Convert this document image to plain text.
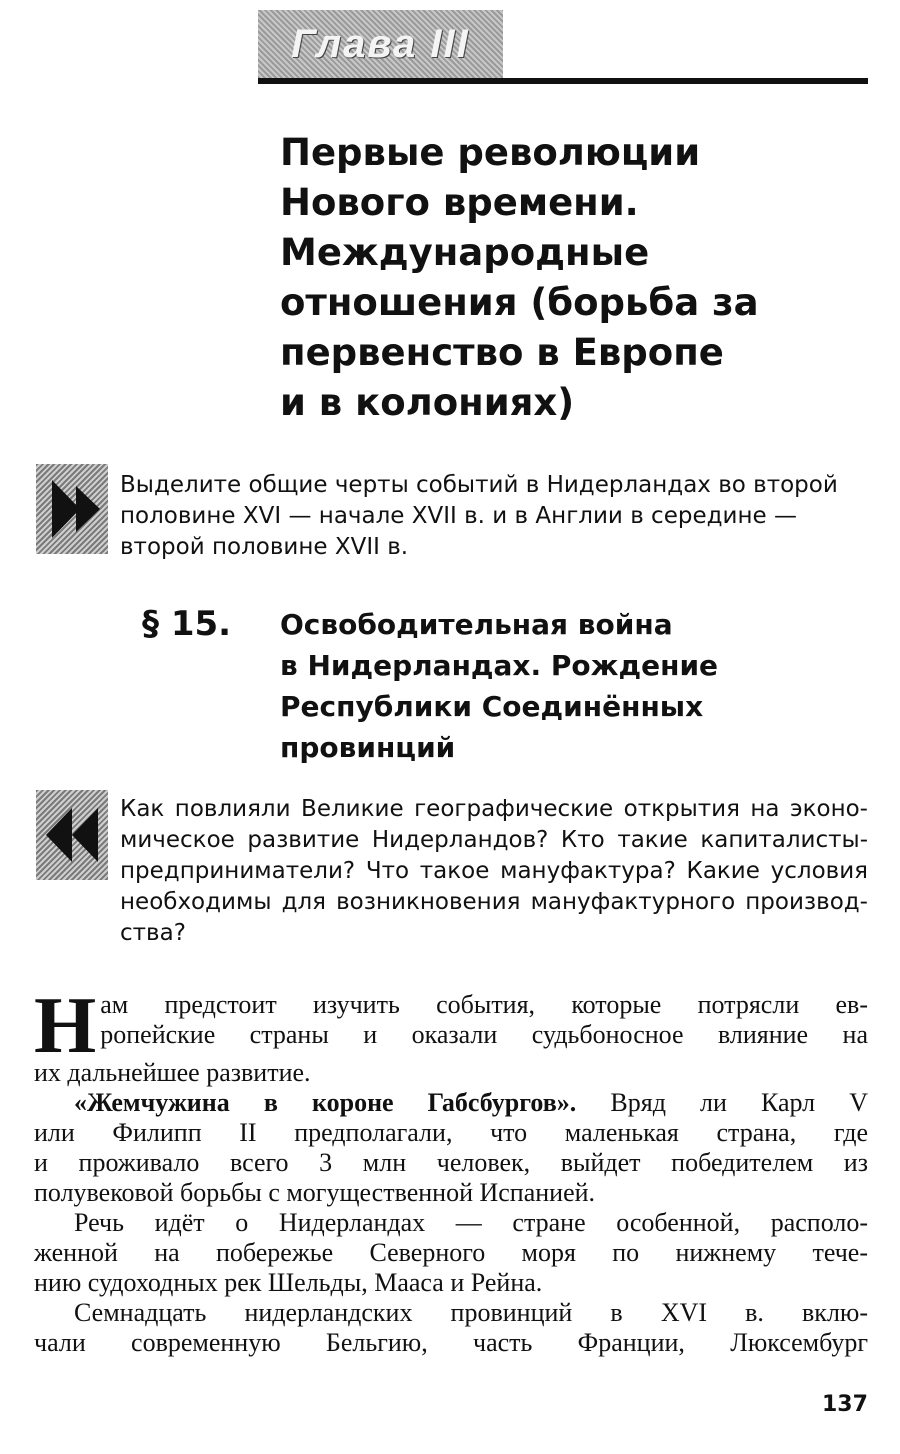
Глава III
Первые революции
Нового времени.
Международные
отношения (борьба за
первенство в Европе
и в колониях)
Выделите общие черты событий в Нидерландах во второй
половине XVI — начале XVII в. и в Англии в середине —
второй половине XVII в.
§ 15. Освободительная война
в Нидерландах. Рождение
Республики Соединённых
провинций
Как повлияли Великие географические открытия на эконо-
мическое развитие Нидерландов? Кто такие капиталисты-
предприниматели? Что такое мануфактура? Какие условия
необходимы для возникновения мануфактурного производ-
ства?
Н ам предстоит изучить события, которые потрясли ев-
ропейские страны и оказали судьбоносное влияние на
их дальнейшее развитие.
«Жемчужина в короне Габсбургов». Вряд ли Карл V
или Филипп II предполагали, что маленькая страна, где
и проживало всего 3 млн человек, выйдет победителем из
полувековой борьбы с могущественной Испанией.
Речь идёт о Нидерландах — стране особенной, располо-
женной на побережье Северного моря по нижнему тече-
нию судоходных рек Шельды, Мааса и Рейна.
Семнадцать нидерландских провинций в XVI в. вклю-
чали современную Бельгию, часть Франции, Люксембург
137
